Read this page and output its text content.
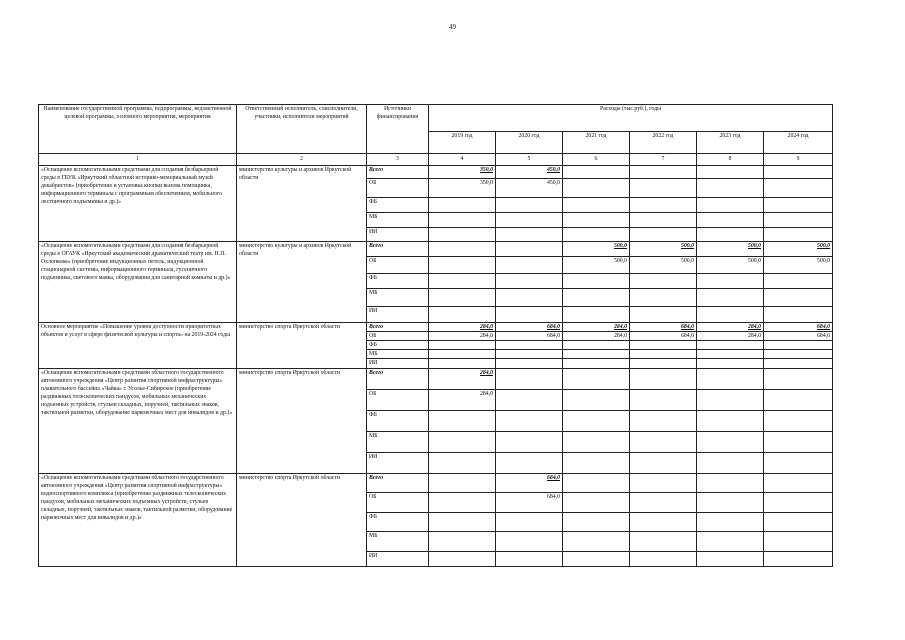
49
Наименование государственной программы, подпрограммы, ведомственной целевой программы, основного мероприятия, мероприятия	Ответственный исполнитель, соисполнители, участники, исполнители мероприятий	Источники финансирования	Расходы (тыс.руб.), годы					
			2019 год	2020 год	2021 год	2022 год	2023 год	2024 год
1	2	3	4	5	6	7	8	9
«Оснащение вспомогательными средствами для создания безбарьерной среды в ГБУК «Иркутский областной историко-мемориальный музей декабристов» (приобретение и установка кнопки вызова помощника, информационного терминала с программным обеспечением, мобильного лестничного подъемника и др.)»	министерство культуры и архивов Иркутской области	Всего	350,0	450,0				
		ОБ	350,0	450,0				
		ФБ						
		МБ						
		ИИ						
«Оснащение вспомогательными средствами для создания безбарьерной среды в ОГАУК «Иркутский академический драматический театр им. Н.П. Охлопкова» (приобретение индукционных петель, индукционной стационарной системы, информационного терминала, гусеничного подъемника, светового маяка, оборудования для санитарной комнаты и др.)»	министерство культуры и архивов Иркутской области	Всего			500,0	500,0	500,0	500,0
		ОБ			500,0	500,0	500,0	500,0
		ФБ						
		МБ						
		ИИ						
Основное мероприятие «Повышение уровня доступности приоритетных объектов и услуг в сфере физической культуры и спорта» на 2019-2024 годы	министерство спорта Иркутской области	Всего	284,0	684,0	284,0	684,0	284,0	684,0
		ОБ	284,0	684,0	284,0	684,0	284,0	684,0
		ФБ						
		МБ						
		ИИ						
«Оснащение вспомогательными средствами областного государственного автономного учреждения «Центр развития спортивной инфраструктуры» плавательного бассейна «Чайка» г. Усолье-Сибирское (приобретение раздвижных телескопических пандусов, мобильных механических подъемных устройств, стульев складных, поручней, тактильных знаков, тактильной разметки, оборудование парковочных мест для инвалидов и др.)»	министерство спорта Иркутской области	Всего	284,0					
		ОБ	284,0					
		ФБ						
		МБ						
		ИИ						
«Оснащение вспомогательными средствами областного государственного автономного учреждения «Центр развития спортивной инфраструктуры» водноспортивного комплекса (приобретение раздвижных телескопических пандусов, мобильных механических подъемных устройств, стульев складных, поручней, тактильных знаков, тактильной разметки, оборудование парковочных мест для инвалидов и др.)»	министерство спорта Иркутской области	Всего		684,0				
		ОБ		684,0				
		ФБ						
		МБ						
		ИИ						
